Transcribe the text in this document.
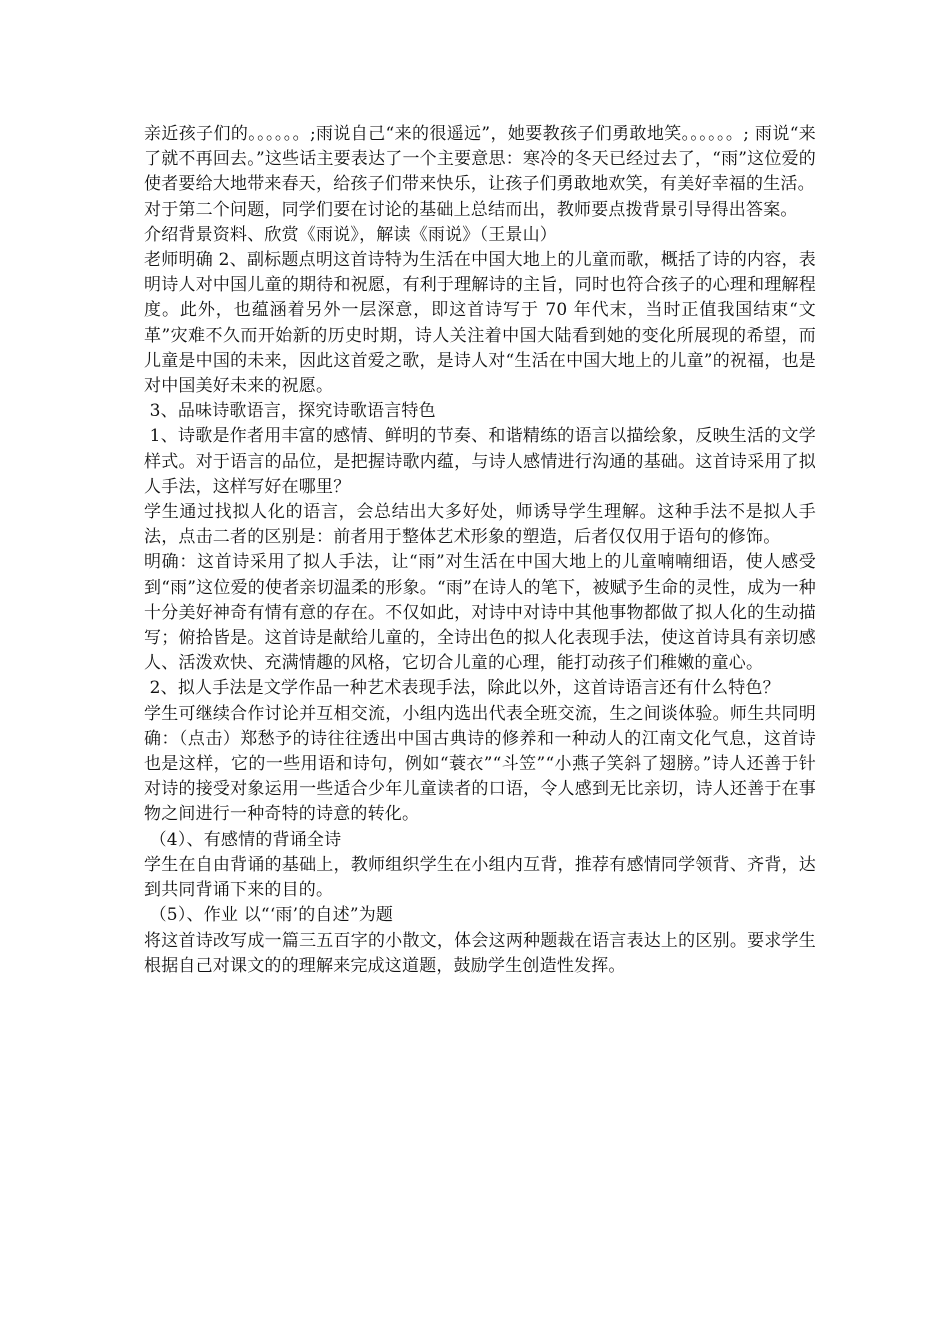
亲近孩子们的。。。。。。;雨说自己“来的很遥远”，她要教孩子们勇敢地笑。。。。。。; 雨说“来了就不再回去。”这些话主要表达了一个主要意思：寒冷的冬天已经过去了，“雨”这位爱的使者要给大地带来春天，给孩子们带来快乐，让孩子们勇敢地欢笑，有美好幸福的生活。

对于第二个问题，同学们要在讨论的基础上总结而出，教师要点拨背景引导得出答案。

介绍背景资料、欣赏《雨说》，解读《雨说》（王景山）

老师明确 2、副标题点明这首诗特为生活在中国大地上的儿童而歌，概括了诗的内容，表明诗人对中国儿童的期待和祝愿，有利于理解诗的主旨，同时也符合孩子的心理和理解程度。此外，也蕴涵着另外一层深意，即这首诗写于 70 年代末，当时正值我国结束“文革”灾难不久而开始新的历史时期，诗人关注着中国大陆看到她的变化所展现的希望，而儿童是中国的未来，因此这首爱之歌，是诗人对“生活在中国大地上的儿童”的祝福，也是对中国美好未来的祝愿。

3、品味诗歌语言，探究诗歌语言特色

1、诗歌是作者用丰富的感情、鲜明的节奏、和谐精练的语言以描绘象，反映生活的文学样式。对于语言的品位，是把握诗歌内蕴，与诗人感情进行沟通的基础。这首诗采用了拟人手法，这样写好在哪里？

学生通过找拟人化的语言，会总结出大多好处，师诱导学生理解。这种手法不是拟人手法，点击二者的区别是：前者用于整体艺术形象的塑造，后者仅仅用于语句的修饰。

明确：这首诗采用了拟人手法，让“雨”对生活在中国大地上的儿童喃喃细语，使人感受到“雨”这位爱的使者亲切温柔的形象。“雨”在诗人的笔下，被赋予生命的灵性，成为一种十分美好神奇有情有意的存在。不仅如此，对诗中对诗中其他事物都做了拟人化的生动描写；俯拾皆是。这首诗是献给儿童的，全诗出色的拟人化表现手法，使这首诗具有亲切感人、活泼欢快、充满情趣的风格，它切合儿童的心理，能打动孩子们稚嫩的童心。

2、拟人手法是文学作品一种艺术表现手法，除此以外，这首诗语言还有什么特色？

学生可继续合作讨论并互相交流，小组内选出代表全班交流，生之间谈体验。师生共同明确：（点击）郑愁予的诗往往透出中国古典诗的修养和一种动人的江南文化气息，这首诗也是这样，它的一些用语和诗句，例如“蓑衣”“斗笠”“小燕子笑斜了翅膀。”诗人还善于针对诗的接受对象运用一些适合少年儿童读者的口语，令人感到无比亲切，诗人还善于在事物之间进行一种奇特的诗意的转化。

（4）、有感情的背诵全诗

学生在自由背诵的基础上，教师组织学生在小组内互背，推荐有感情同学领背、齐背，达到共同背诵下来的目的。

（5）、作业 以“‘雨’的自述”为题

将这首诗改写成一篇三五百字的小散文，体会这两种题裁在语言表达上的区别。要求学生根据自己对课文的的理解来完成这道题，鼓励学生创造性发挥。
